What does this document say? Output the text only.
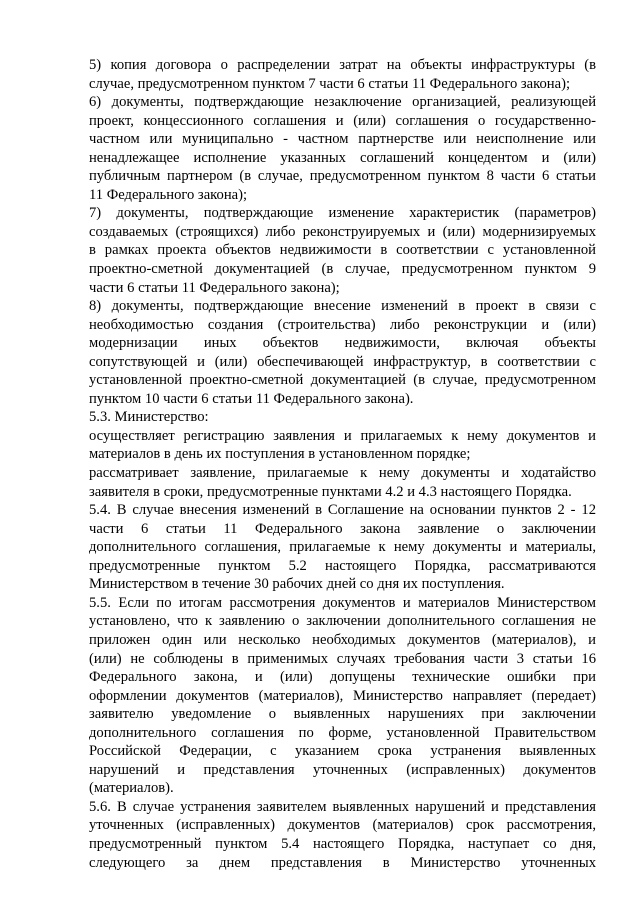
5) копия договора о распределении затрат на объекты инфраструктуры (в

случае, предусмотренном пунктом 7 части 6 статьи 11 Федерального закона);

6) документы, подтверждающие незаключение организацией, реализующей

проект, концессионного соглашения и (или) соглашения о государственно-

частном или муниципально - частном партнерстве или неисполнение или

ненадлежащее исполнение указанных соглашений концедентом и (или)

публичным партнером (в случае, предусмотренном пунктом 8 части 6 статьи

11 Федерального закона);

7) документы, подтверждающие изменение характеристик (параметров)

создаваемых (строящихся) либо реконструируемых и (или) модернизируемых

в рамках проекта объектов недвижимости в соответствии с установленной

проектно-сметной документацией (в случае, предусмотренном пунктом 9

части 6 статьи 11 Федерального закона);

8) документы, подтверждающие внесение изменений в проект в связи с

необходимостью создания (строительства) либо реконструкции и (или)

модернизации иных объектов недвижимости, включая объекты

сопутствующей и (или) обеспечивающей инфраструктур, в соответствии с

установленной проектно-сметной документацией (в случае, предусмотренном

пунктом 10 части 6 статьи 11 Федерального закона).

5.3. Министерство:

осуществляет регистрацию заявления и прилагаемых к нему документов и

материалов в день их поступления в установленном порядке;

рассматривает заявление, прилагаемые к нему документы и ходатайство

заявителя в сроки, предусмотренные пунктами 4.2 и 4.3 настоящего Порядка.

5.4. В случае внесения изменений в Соглашение на основании пунктов 2 - 12

части 6 статьи 11 Федерального закона заявление о заключении

дополнительного соглашения, прилагаемые к нему документы и материалы,

предусмотренные пунктом 5.2 настоящего Порядка, рассматриваются

Министерством в течение 30 рабочих дней со дня их поступления.

5.5. Если по итогам рассмотрения документов и материалов Министерством

установлено, что к заявлению о заключении дополнительного соглашения не

приложен один или несколько необходимых документов (материалов), и

(или) не соблюдены в применимых случаях требования части 3 статьи 16

Федерального закона, и (или) допущены технические ошибки при

оформлении документов (материалов), Министерство направляет (передает)

заявителю уведомление о выявленных нарушениях при заключении

дополнительного соглашения по форме, установленной Правительством

Российской Федерации, с указанием срока устранения выявленных

нарушений и представления уточненных (исправленных) документов

(материалов).

5.6. В случае устранения заявителем выявленных нарушений и представления

уточненных (исправленных) документов (материалов) срок рассмотрения,

предусмотренный пунктом 5.4 настоящего Порядка, наступает со дня,

следующего за днем представления в Министерство уточненных
